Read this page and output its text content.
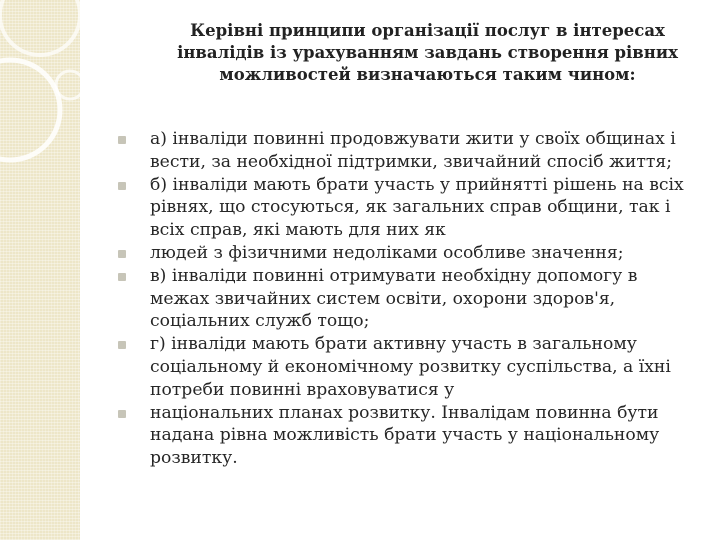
Керівні принципи організації послуг в інтересах
інвалідів із урахуванням завдань створення рівних
можливостей визначаються таким чином:
а) інваліди повинні продовжувати жити у своїх общинах і
вести, за необхідної підтримки, звичайний спосіб життя;
б) інваліди мають брати участь у прийнятті рішень на всіх
рівнях, що стосуються, як загальних справ общини, так і
всіх справ, які мають для них як
людей з фізичними недоліками особливе значення;
в) інваліди повинні отримувати необхідну допомогу в
межах звичайних систем освіти, охорони здоров'я,
соціальних служб тощо;
г) інваліди мають брати активну участь в загальному
соціальному й економічному розвитку суспільства, а їхні
потреби повинні враховуватися у
національних планах розвитку. Інвалідам повинна бути
надана рівна можливість брати участь у національному
розвитку.
